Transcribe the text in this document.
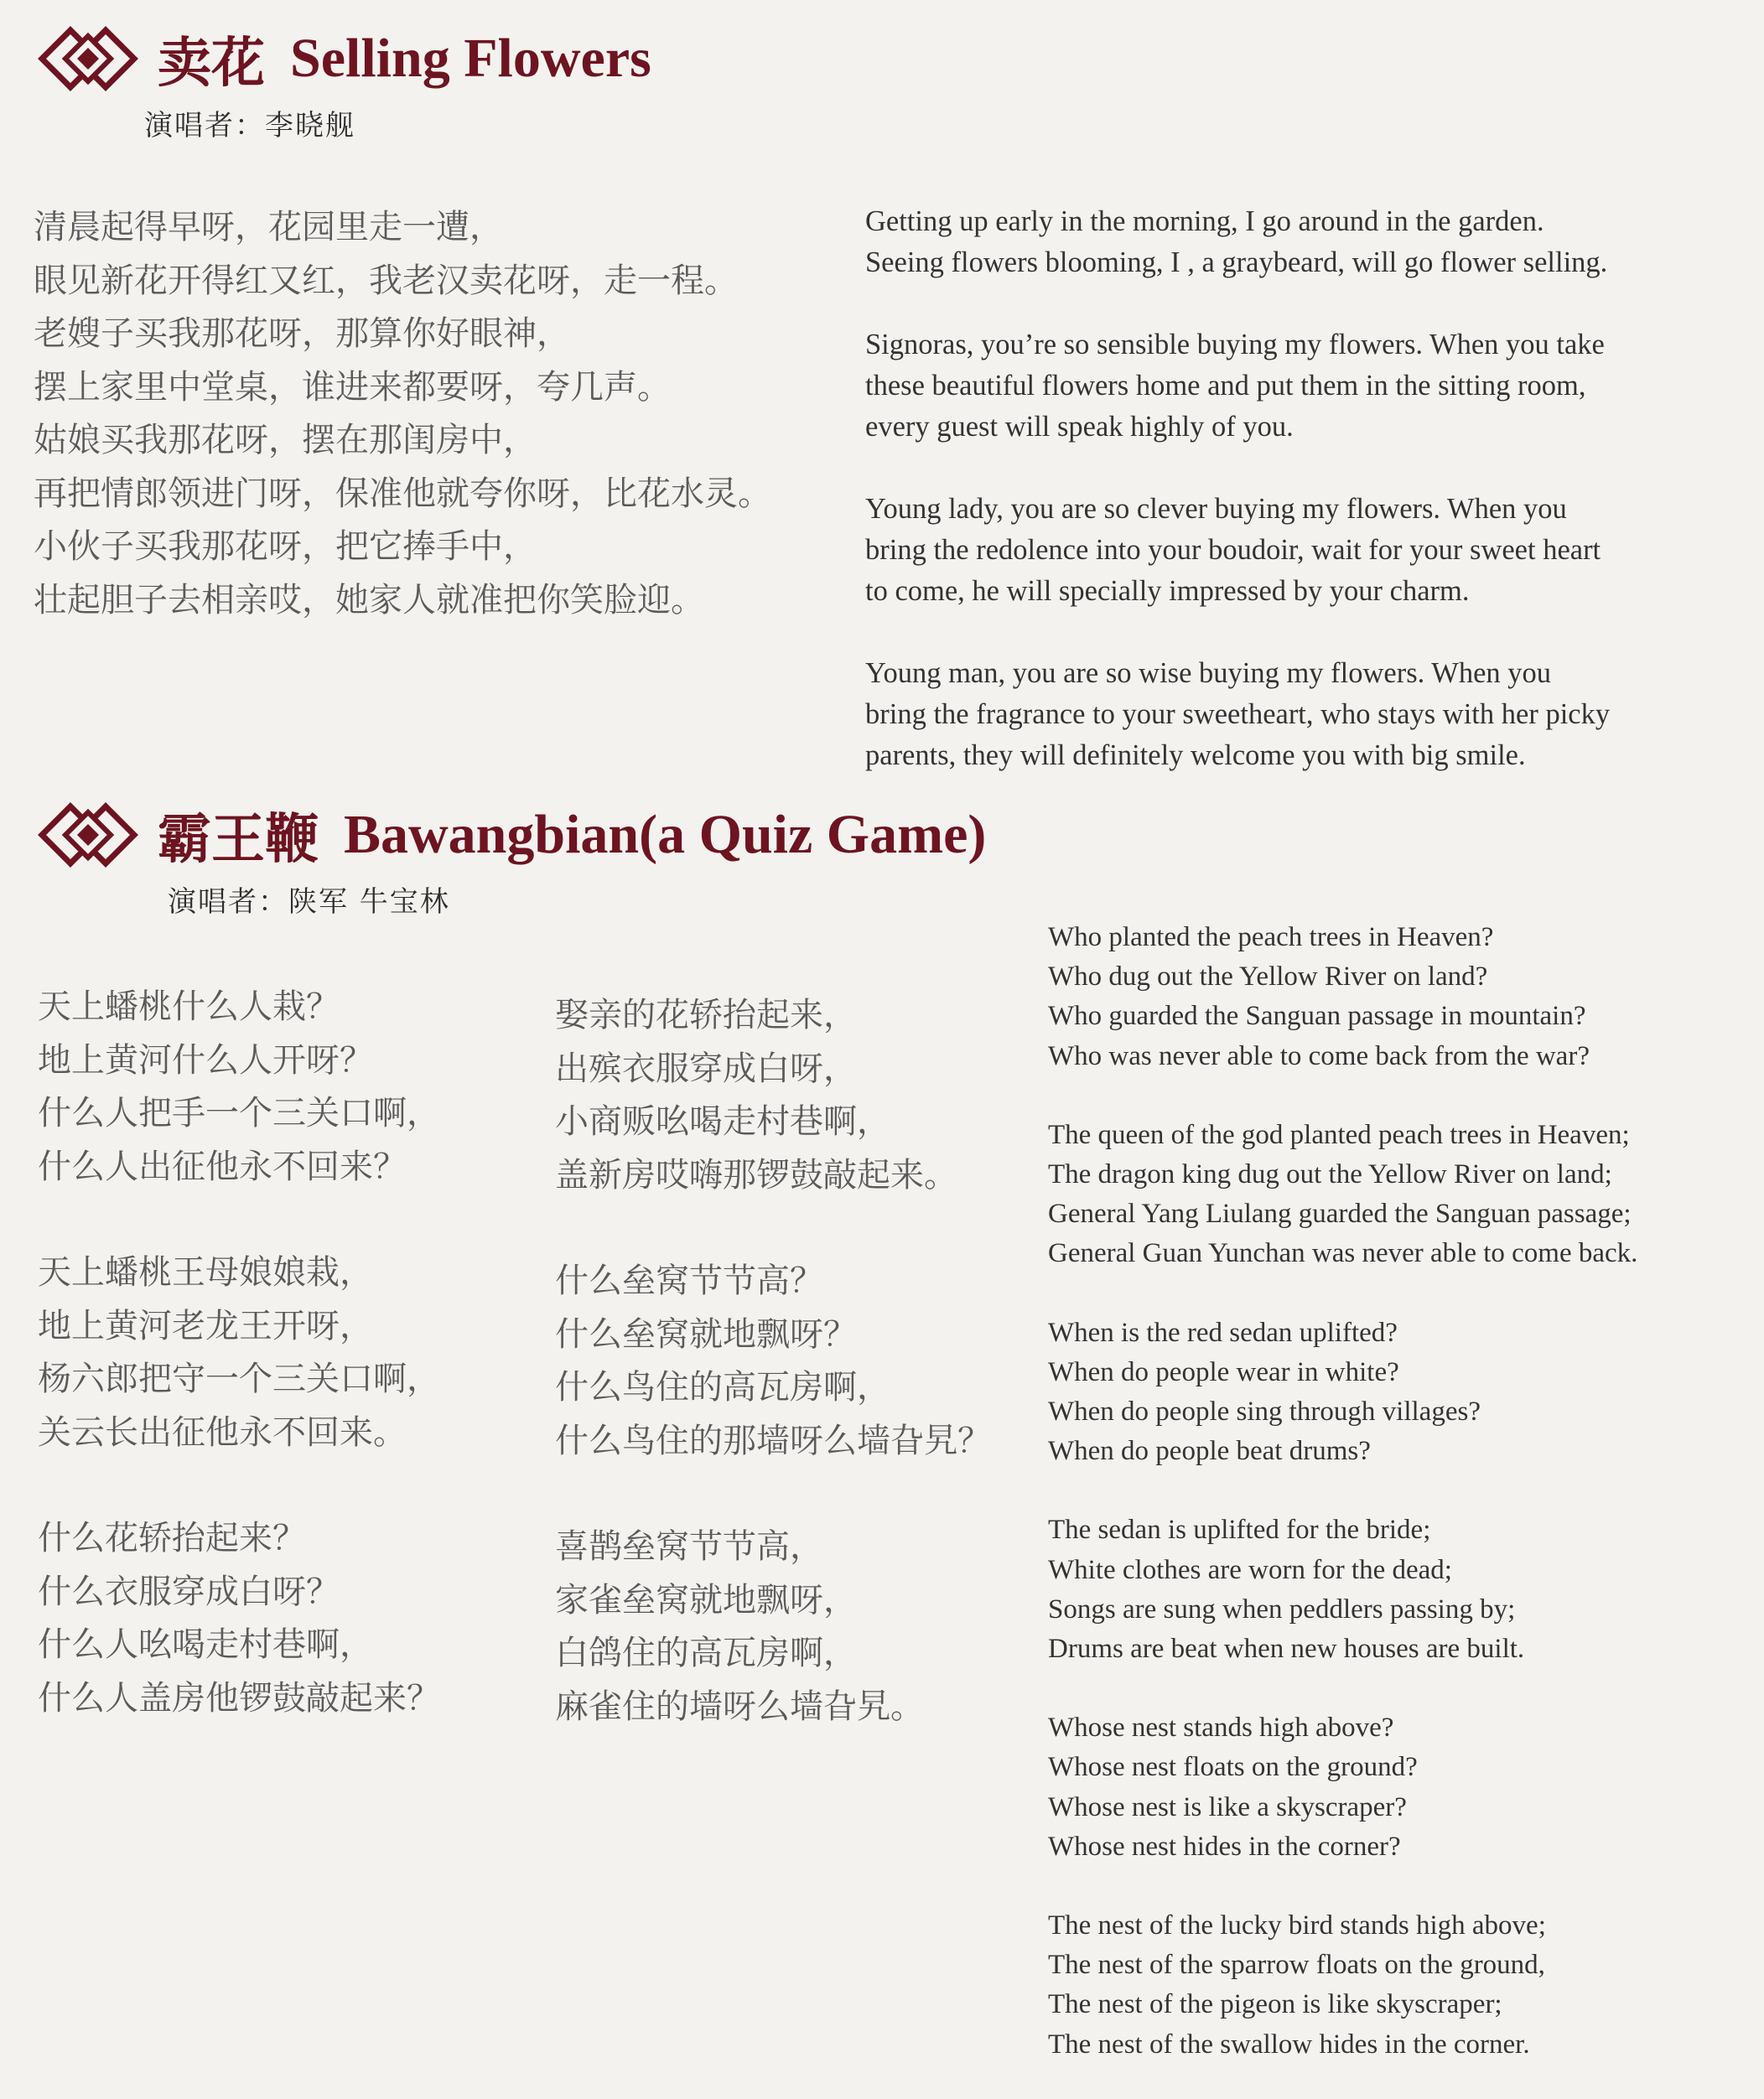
卖花 Selling Flowers
演唱者：李晓舰
清晨起得早呀，花园里走一遭，
眼见新花开得红又红，我老汉卖花呀，走一程。
老嫂子买我那花呀，那算你好眼神，
摆上家里中堂桌，谁进来都要呀，夸几声。
姑娘买我那花呀，摆在那闺房中，
再把情郎领进门呀，保准他就夸你呀，比花水灵。
小伙子买我那花呀，把它捧手中，
壮起胆子去相亲哎，她家人就准把你笑脸迎。
Getting up early in the morning, I go around in the garden.
Seeing flowers blooming, I , a graybeard, will go flower selling.
Signoras, you’re so sensible buying my flowers. When you take
these beautiful flowers home and put them in the sitting room,
every guest will speak highly of you.
Young lady, you are so clever buying my flowers. When you
bring the redolence into your boudoir, wait for your sweet heart
to come, he will specially impressed by your charm.
Young man, you are so wise buying my flowers. When you
bring the fragrance to your sweetheart, who stays with her picky
parents, they will definitely welcome you with big smile.
霸王鞭 Bawangbian(a Quiz Game)
演唱者：陕军 牛宝林
天上蟠桃什么人栽？
地上黄河什么人开呀？
什么人把手一个三关口啊，
什么人出征他永不回来？
天上蟠桃王母娘娘栽，
地上黄河老龙王开呀，
杨六郎把守一个三关口啊，
关云长出征他永不回来。
什么花轿抬起来？
什么衣服穿成白呀？
什么人吆喝走村巷啊，
什么人盖房他锣鼓敲起来？
娶亲的花轿抬起来，
出殡衣服穿成白呀，
小商贩吆喝走村巷啊，
盖新房哎嗨那锣鼓敲起来。
什么垒窝节节高？
什么垒窝就地飘呀？
什么鸟住的高瓦房啊，
什么鸟住的那墙呀么墙旮旯？
喜鹊垒窝节节高，
家雀垒窝就地飘呀，
白鸽住的高瓦房啊，
麻雀住的墙呀么墙旮旯。
Who planted the peach trees in Heaven?
Who dug out the Yellow River on land?
Who guarded the Sanguan passage in mountain?
Who was never able to come back from the war?
The queen of the god planted peach trees in Heaven;
The dragon king dug out the Yellow River on land;
General Yang Liulang guarded the Sanguan passage;
General Guan Yunchan was never able to come back.
When is the red sedan uplifted?
When do people wear in white?
When do people sing through villages?
When do people beat drums?
The sedan is uplifted for the bride;
White clothes are worn for the dead;
Songs are sung when peddlers passing by;
Drums are beat when new houses are built.
Whose nest stands high above?
Whose nest floats on the ground?
Whose nest is like a skyscraper?
Whose nest hides in the corner?
The nest of the lucky bird stands high above;
The nest of the sparrow floats on the ground,
The nest of the pigeon is like skyscraper;
The nest of the swallow hides in the corner.
